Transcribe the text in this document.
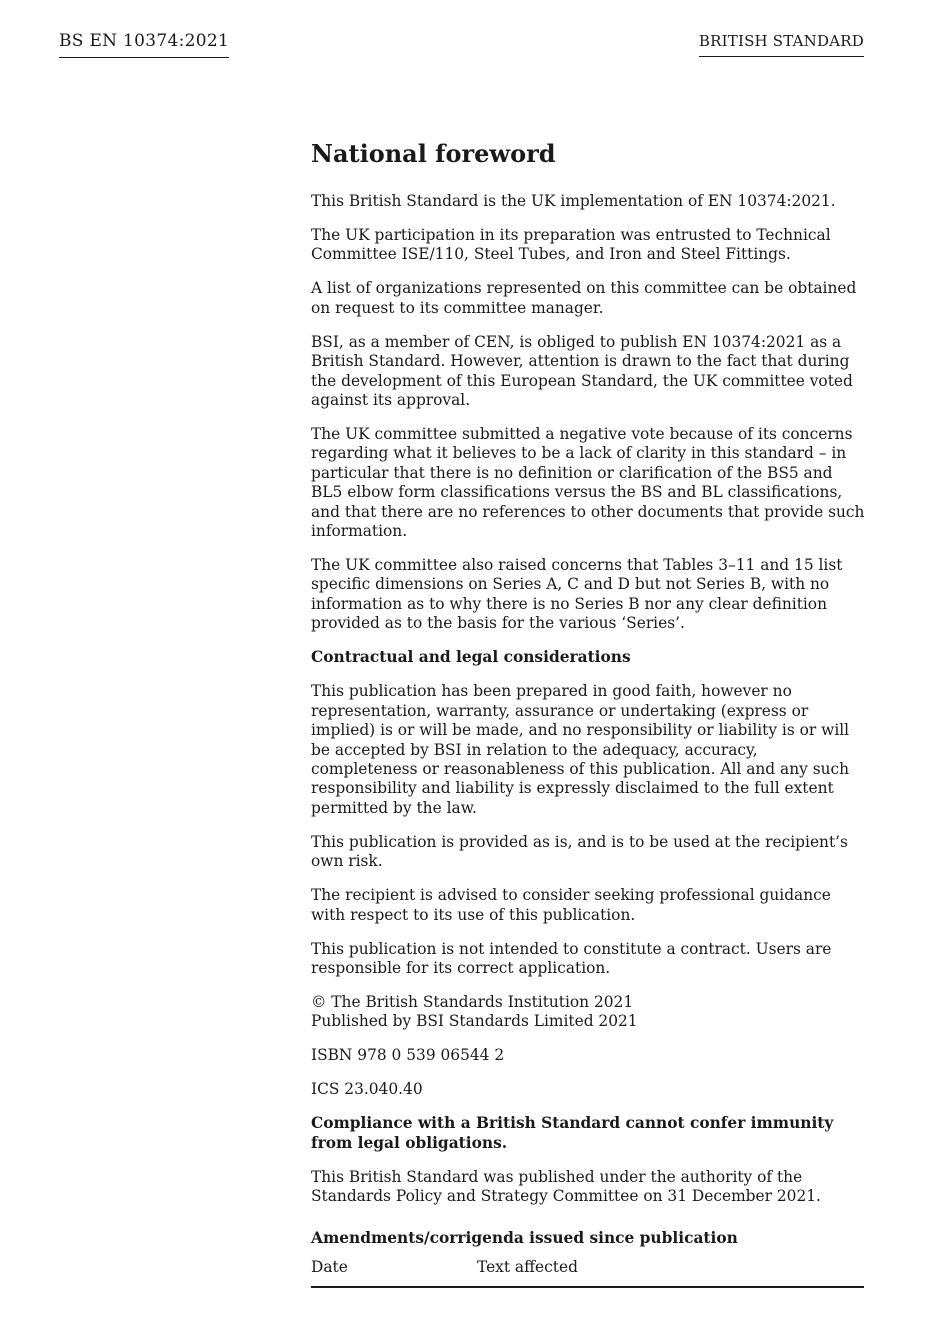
BS EN 10374:2021	BRITISH STANDARD
National foreword

This British Standard is the UK implementation of EN 10374:2021.

The UK participation in its preparation was entrusted to Technical Committee ISE/110, Steel Tubes, and Iron and Steel Fittings.

A list of organizations represented on this committee can be obtained on request to its committee manager.

BSI, as a member of CEN, is obliged to publish EN 10374:2021 as a British Standard. However, attention is drawn to the fact that during the development of this European Standard, the UK committee voted against its approval.

The UK committee submitted a negative vote because of its concerns regarding what it believes to be a lack of clarity in this standard – in particular that there is no definition or clarification of the BS5 and BL5 elbow form classifications versus the BS and BL classifications, and that there are no references to other documents that provide such information.

The UK committee also raised concerns that Tables 3–11 and 15 list specific dimensions on Series A, C and D but not Series B, with no information as to why there is no Series B nor any clear definition provided as to the basis for the various ‘Series’.

Contractual and legal considerations

This publication has been prepared in good faith, however no representation, warranty, assurance or undertaking (express or implied) is or will be made, and no responsibility or liability is or will be accepted by BSI in relation to the adequacy, accuracy, completeness or reasonableness of this publication. All and any such responsibility and liability is expressly disclaimed to the full extent permitted by the law.

This publication is provided as is, and is to be used at the recipient’s own risk.

The recipient is advised to consider seeking professional guidance with respect to its use of this publication.

This publication is not intended to constitute a contract. Users are responsible for its correct application.

© The British Standards Institution 2021
Published by BSI Standards Limited 2021

ISBN 978 0 539 06544 2

ICS 23.040.40

Compliance with a British Standard cannot confer immunity from legal obligations.

This British Standard was published under the authority of the Standards Policy and Strategy Committee on 31 December 2021.

Amendments/corrigenda issued since publication
Date	Text affected
